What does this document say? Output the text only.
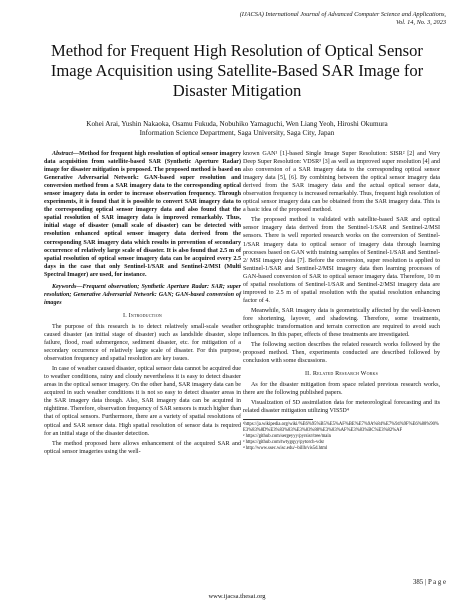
(IJACSA) International Journal of Advanced Computer Science and Applications,
Vol. 14, No. 3, 2023
Method for Frequent High Resolution of Optical Sensor Image Acquisition using Satellite-Based SAR Image for Disaster Mitigation
Kohei Arai, Yushin Nakaoka, Osamu Fukuda, Nobuhiko Yamaguchi, Wen Liang Yeoh, Hiroshi Okumura
Information Science Department, Saga University, Saga City, Japan
Abstract—Method for frequent high resolution of optical sensor imagery data acquisition from satellite-based SAR (Synthetic Aperture Radar) image for disaster mitigation is proposed. The proposed method is based on Generative Adversarial Network: GAN-based super resolution and conversion method from a SAR imagery data to the corresponding optical sensor imagery data in order to increase observation frequency. Through experiments, it is found that it is possible to convert SAR imagery data to the corresponding optical sensor imagery data and also found that the spatial resolution of SAR imagery data is improved remarkably. Thus, initial stage of disaster (small scale of disaster) can be detected with resolution enhanced optical sensor imagery data derived from the corresponding SAR imagery data which results in prevention of secondary occurrence of relatively large scale of disaster. It is also found that 2.5 m of spatial resolution of optical sensor imagery data can be acquired every 2.5 days in the case that only Sentinel-1/SAR and Sentinel-2/MSI (Multi Spectral Imager) are used, for instance.
Keywords—Frequent observation; Synthetic Aperture Radar: SAR; super resolution; Generative Adversarial Network: GAN; GAN-based conversion of images
I. Introduction

The purpose of this research is to detect relatively small-scale weather caused disaster (an initial stage of disaster) such as landslide disaster, slope failure, flood, road submergence, sediment disaster, etc. for mitigation of a secondary occurrence of relatively large scale of disaster. For this purpose, observation frequency and spatial resolution are key issues.

In case of weather caused disaster, optical sensor data cannot be acquired due to weather conditions, rainy and cloudy nevertheless it is easy to detect disaster areas in the optical sensor imagery. On the other hand, SAR imagery data can be acquired in such weather conditions it is not so easy to detect disaster areas in the SAR imagery data though. Also, SAR imagery data can be acquired in nighttime. Therefore, observation frequency of SAR sensors is much higher than that of optical sensors. Furthermore, there are a variety of spatial resolutions of optical and SAR sensor data. High spatial resolution of sensor data is required for an initial stage of the disaster detection.

The method proposed here allows enhancement of the acquired SAR and optical sensor imageries using the well-

known GAN¹ [1]-based Single Image Super Resolution: SISR² [2] and Very Deep Super Resolution: VDSR³ [3] as well as improved super resolution [4] and also conversion of a SAR imagery data to the corresponding optical sensor imagery data [5], [6]. By combining between the optical sensor imagery data derived from the SAR imagery data and the actual optical sensor data, observation frequency is increased remarkably. Thus, frequent high resolution of optical sensor imagery data can be obtained from the SAR imagery data. This is a basic idea of the proposed method.

The proposed method is validated with satellite-based SAR and optical sensor imagery data derived from the Sentinel-1/SAR and Sentinel-2/MSI sensors. There is well reported research works on the conversion of Sentinel-1/SAR imagery data to optical sensor of imagery data through learning processes based on GAN with training samples of Sentinel-1/SAR and Sentinel-2/ MSI imagery data [7]. Before the conversion, super resolution is applied to Sentinel-1/SAR and Sentinel-2/MSI imagery data then learning processes of GAN-based conversion of SAR to optical sensor imagery data. Therefore, 10 m of spatial resolutions of Sentinel-1/SAR and Sentinel-2/MSI imagery data are improved to 2.5 m of spatial resolution with the spatial resolution enhancing factor of 4.

Meanwhile, SAR imagery data is geometrically affected by the well-known fore shortening, layover, and shadowing. Therefore, some treatments, orthographic transformation and terrain correction are required to avoid such influences. In this paper, effects of these treatments are investigated.

The following section describes the related research works followed by the proposed method. Then, experiments conducted are described followed by conclusion with some discussions.

II. Related Research Works

As for the disaster mitigation from space related previous research works, there are the following published papers.

Visualization of 5D assimilation data for meteorological forecasting and its related disaster mitigation utilizing VIS5D⁴

¹https://ja.wikipedia.org/wiki/%E6%95%B5%E5%AF%BE%E7%9A%84%E7%94%9F%E6%88%90%E3%83%8D%E3%83%83%E3%83%88%E3%83%AF%E3%83%BC%E3%82%AF
² https://github.com/sergeyyy/pyrsisr/tree/main
³ https://github.com/twtygqyy/pytorch-vdsr
⁴ http://www.ssec.wisc.edu/~billh/vis5d.html
385 | P a g e
www.ijacsa.thesai.org
